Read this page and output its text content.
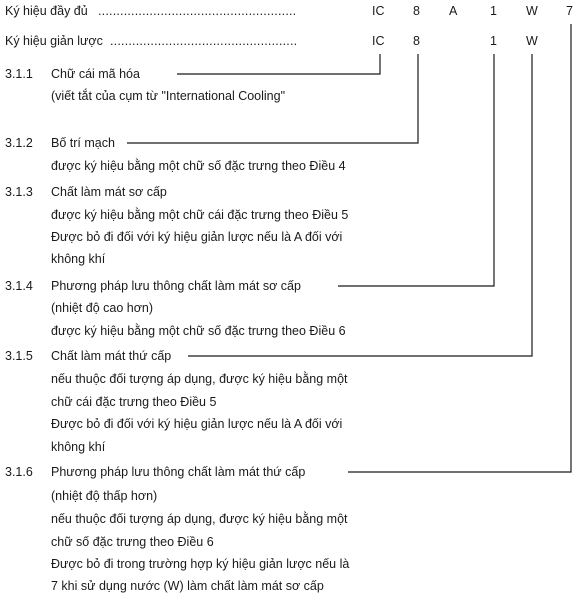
Ký hiệu đầy đủ ......................................................
Ký hiệu giản lược ...................................................
IC 8 A	1 W 7
IC 8	1 W
3.1.1 Chữ cái mã hóa
(viết tắt của cụm từ "International Cooling"
3.1.2 Bố trí mạch
được ký hiệu bằng một chữ số đặc trưng theo Điều 4
3.1.3 Chất làm mát sơ cấp
được ký hiệu bằng một chữ cái đặc trưng theo Điều 5
Được bỏ đi đối với ký hiệu giản lược nếu là A đối với
không khí
3.1.4 Phương pháp lưu thông chất làm mát sơ cấp
(nhiệt độ cao hơn)
được ký hiệu bằng một chữ số đặc trưng theo Điều 6
3.1.5 Chất làm mát thứ cấp
nếu thuộc đối tượng áp dụng, được ký hiệu bằng một
chữ cái đặc trưng theo Điều 5
Được bỏ đi đối với ký hiệu giản lược nếu là A đối với
không khí
3.1.6 Phương pháp lưu thông chất làm mát thứ cấp
(nhiệt độ thấp hơn)
nếu thuộc đối tượng áp dụng, được ký hiệu bằng một
chữ số đặc trưng theo Điều 6
Được bỏ đi trong trường hợp ký hiệu giản lược nếu là
7 khi sử dụng nước (W) làm chất làm mát sơ cấp
